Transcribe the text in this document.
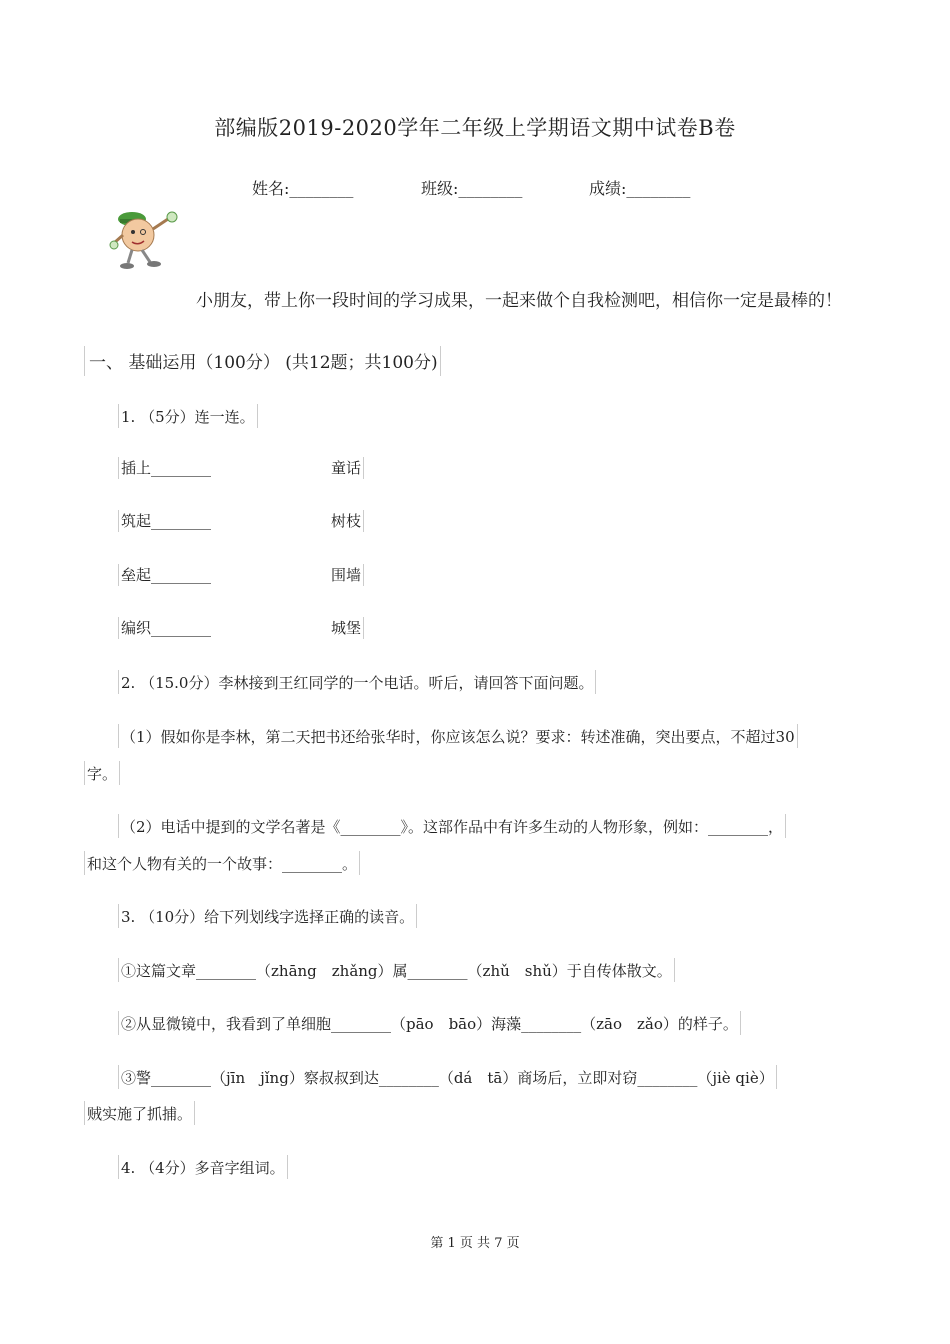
部编版2019-2020学年二年级上学期语文期中试卷B卷
姓名:________	班级:________	成绩:________
小朋友，带上你一段时间的学习成果，一起来做个自我检测吧，相信你一定是最棒的！
一、 基础运用（100分） (共12题；共100分)
1. （5分）连一连。
插上________	童话
筑起________	树枝
垒起________	围墙
编织________	城堡
2. （15.0分）李林接到王红同学的一个电话。听后，请回答下面问题。
（1）假如你是李林，第二天把书还给张华时，你应该怎么说？要求：转述准确，突出要点，不超过30
字。
（2）电话中提到的文学名著是《________》。这部作品中有许多生动的人物形象，例如：________，
和这个人物有关的一个故事：________。
3. （10分）给下列划线字选择正确的读音。
①这篇文章________（zhāng　zhǎng）属________（zhǔ　shǔ）于自传体散文。
②从显微镜中，我看到了单细胞________（pāo　bāo）海藻________（zāo　zǎo）的样子。
③警________（jīn　jǐng）察叔叔到达________（dá　tā）商场后，立即对窃________（jiè qiè）
贼实施了抓捕。
4. （4分）多音字组词。
第 1 页 共 7 页
